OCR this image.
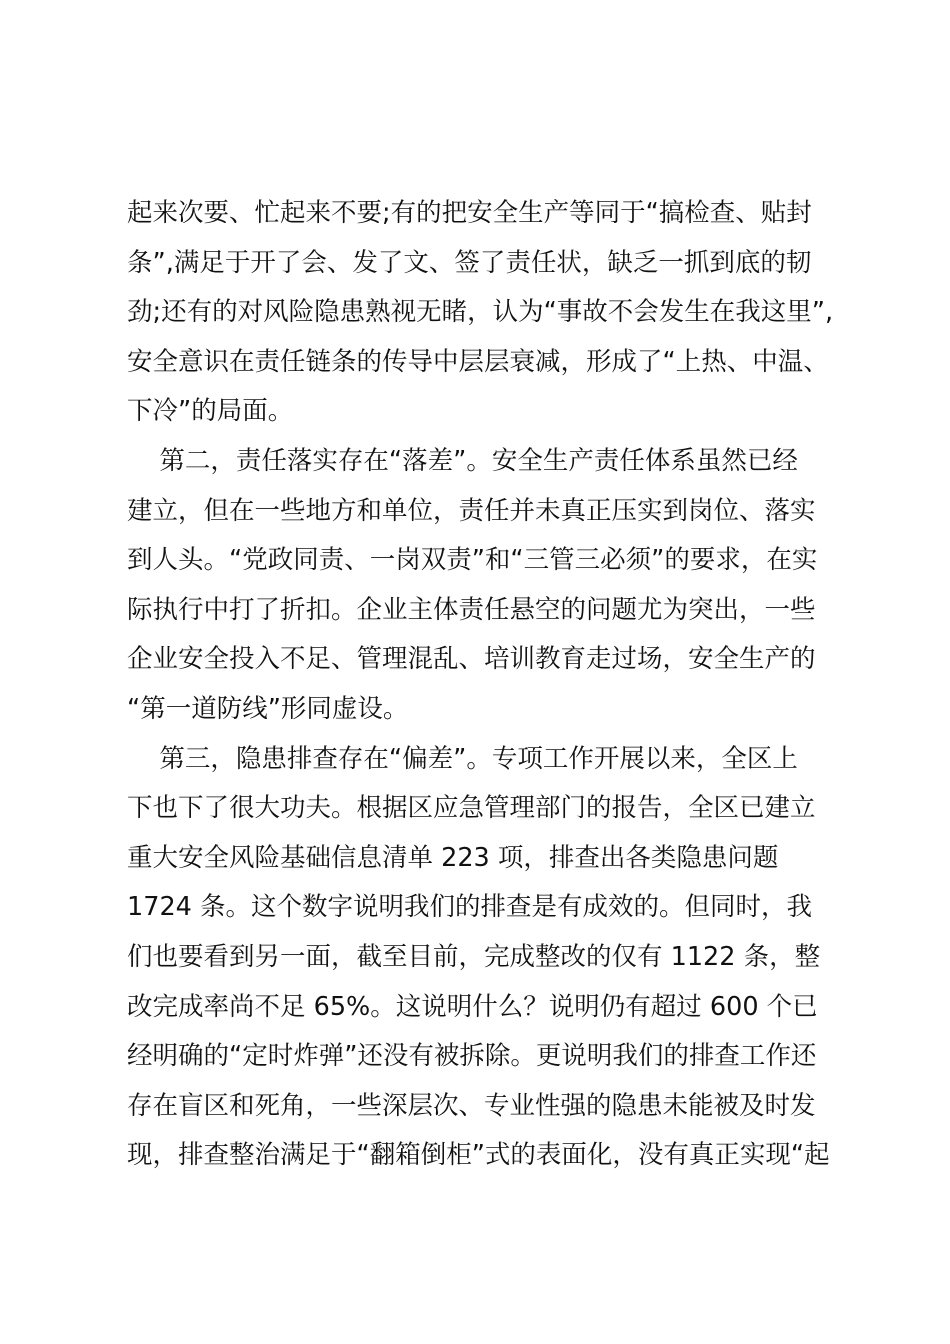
起来次要、忙起来不要;有的把安全生产等同于“搞检查、贴封
条”,满足于开了会、发了文、签了责任状，缺乏一抓到底的韧
劲;还有的对风险隐患熟视无睹，认为“事故不会发生在我这里”,
安全意识在责任链条的传导中层层衰减，形成了“上热、中温、
下冷”的局面。
第二，责任落实存在“落差”。安全生产责任体系虽然已经
建立，但在一些地方和单位，责任并未真正压实到岗位、落实
到人头。“党政同责、一岗双责”和“三管三必须”的要求，在实
际执行中打了折扣。企业主体责任悬空的问题尤为突出，一些
企业安全投入不足、管理混乱、培训教育走过场，安全生产的
“第一道防线”形同虚设。
第三，隐患排查存在“偏差”。专项工作开展以来，全区上
下也下了很大功夫。根据区应急管理部门的报告，全区已建立
重大安全风险基础信息清单 223 项，排查出各类隐患问题
1724 条。这个数字说明我们的排查是有成效的。但同时，我
们也要看到另一面，截至目前，完成整改的仅有 1122 条，整
改完成率尚不足 65%。这说明什么？说明仍有超过 600 个已
经明确的“定时炸弹”还没有被拆除。更说明我们的排查工作还
存在盲区和死角，一些深层次、专业性强的隐患未能被及时发
现，排查整治满足于“翻箱倒柜”式的表面化，没有真正实现“起
